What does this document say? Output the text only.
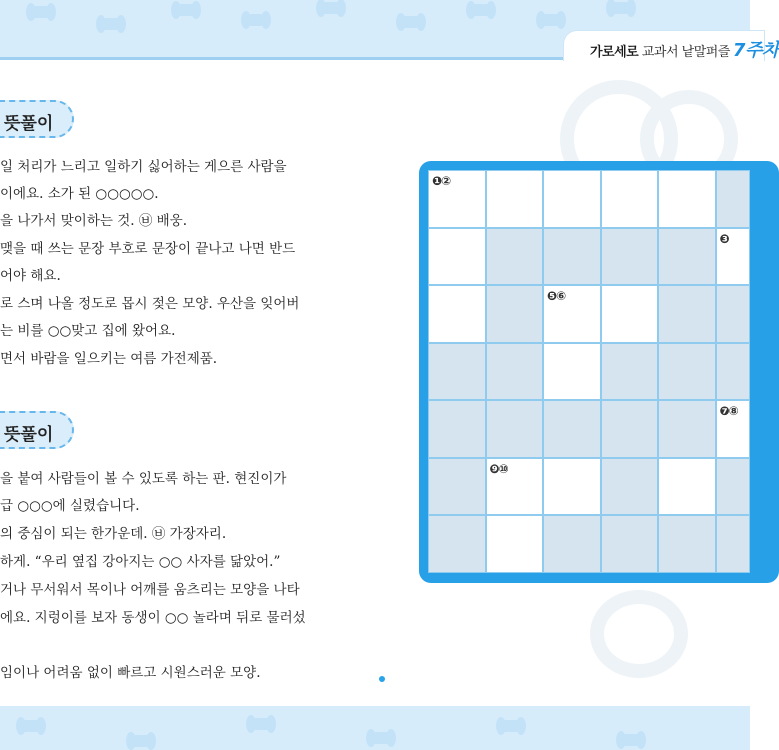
가로세로 교과서 낱말퍼즐 7주차
뜻풀이
일 처리가 느리고 일하기 싫어하는 게으른 사람을
이에요. 소가 된 ○○○○○.
을 나가서 맞이하는 것. ㉥ 배웅.
맺을 때 쓰는 문장 부호로 문장이 끝나고 나면 반드
어야 해요.
로 스며 나올 정도로 몹시 젖은 모양. 우산을 잊어버
는 비를 ○○맞고 집에 왔어요.
면서 바람을 일으키는 여름 가전제품.
뜻풀이
을 붙여 사람들이 볼 수 있도록 하는 판. 현진이가
급 ○○○에 실렸습니다.
의 중심이 되는 한가운데. ㉥ 가장자리.
하게. “우리 옆집 강아지는 ○○ 사자를 닮았어.”
거나 무서워서 목이나 어깨를 움츠리는 모양을 나타
에요. 지렁이를 보자 동생이 ○○ 놀라며 뒤로 물러섰
임이나 어려움 없이 빠르고 시원스러운 모양.
❶②
❸
❺⑥
❼⑧
❾⑩
